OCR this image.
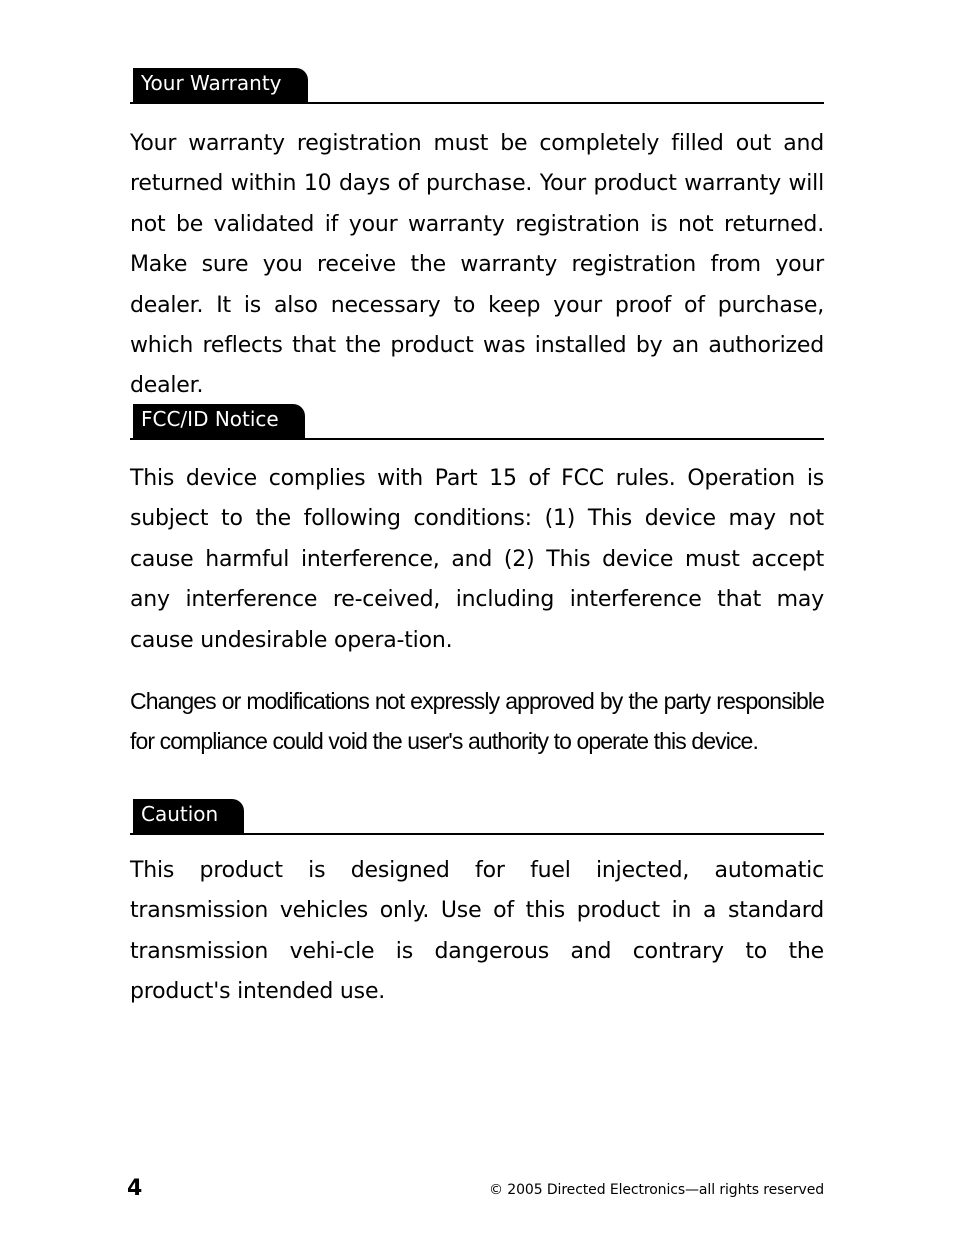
Your Warranty

Your warranty registration must be completely filled out and returned within 10 days of purchase. Your product warranty will not be validated if your warranty registration is not returned. Make sure you receive the warranty registration from your dealer. It is also necessary to keep your proof of purchase, which reflects that the product was installed by an authorized dealer.

FCC/ID Notice

This device complies with Part 15 of FCC rules. Operation is subject to the following conditions: (1) This device may not cause harmful interference, and (2) This device must accept any interference re-ceived, including interference that may cause undesirable opera-tion.

Changes or modifications not expressly approved by the party responsible for compliance could void the user's authority to operate this device.

Caution

This product is designed for fuel injected, automatic transmission vehicles only. Use of this product in a standard transmission vehi-cle is dangerous and contrary to the product's intended use.

4	© 2005 Directed Electronics—all rights reserved
